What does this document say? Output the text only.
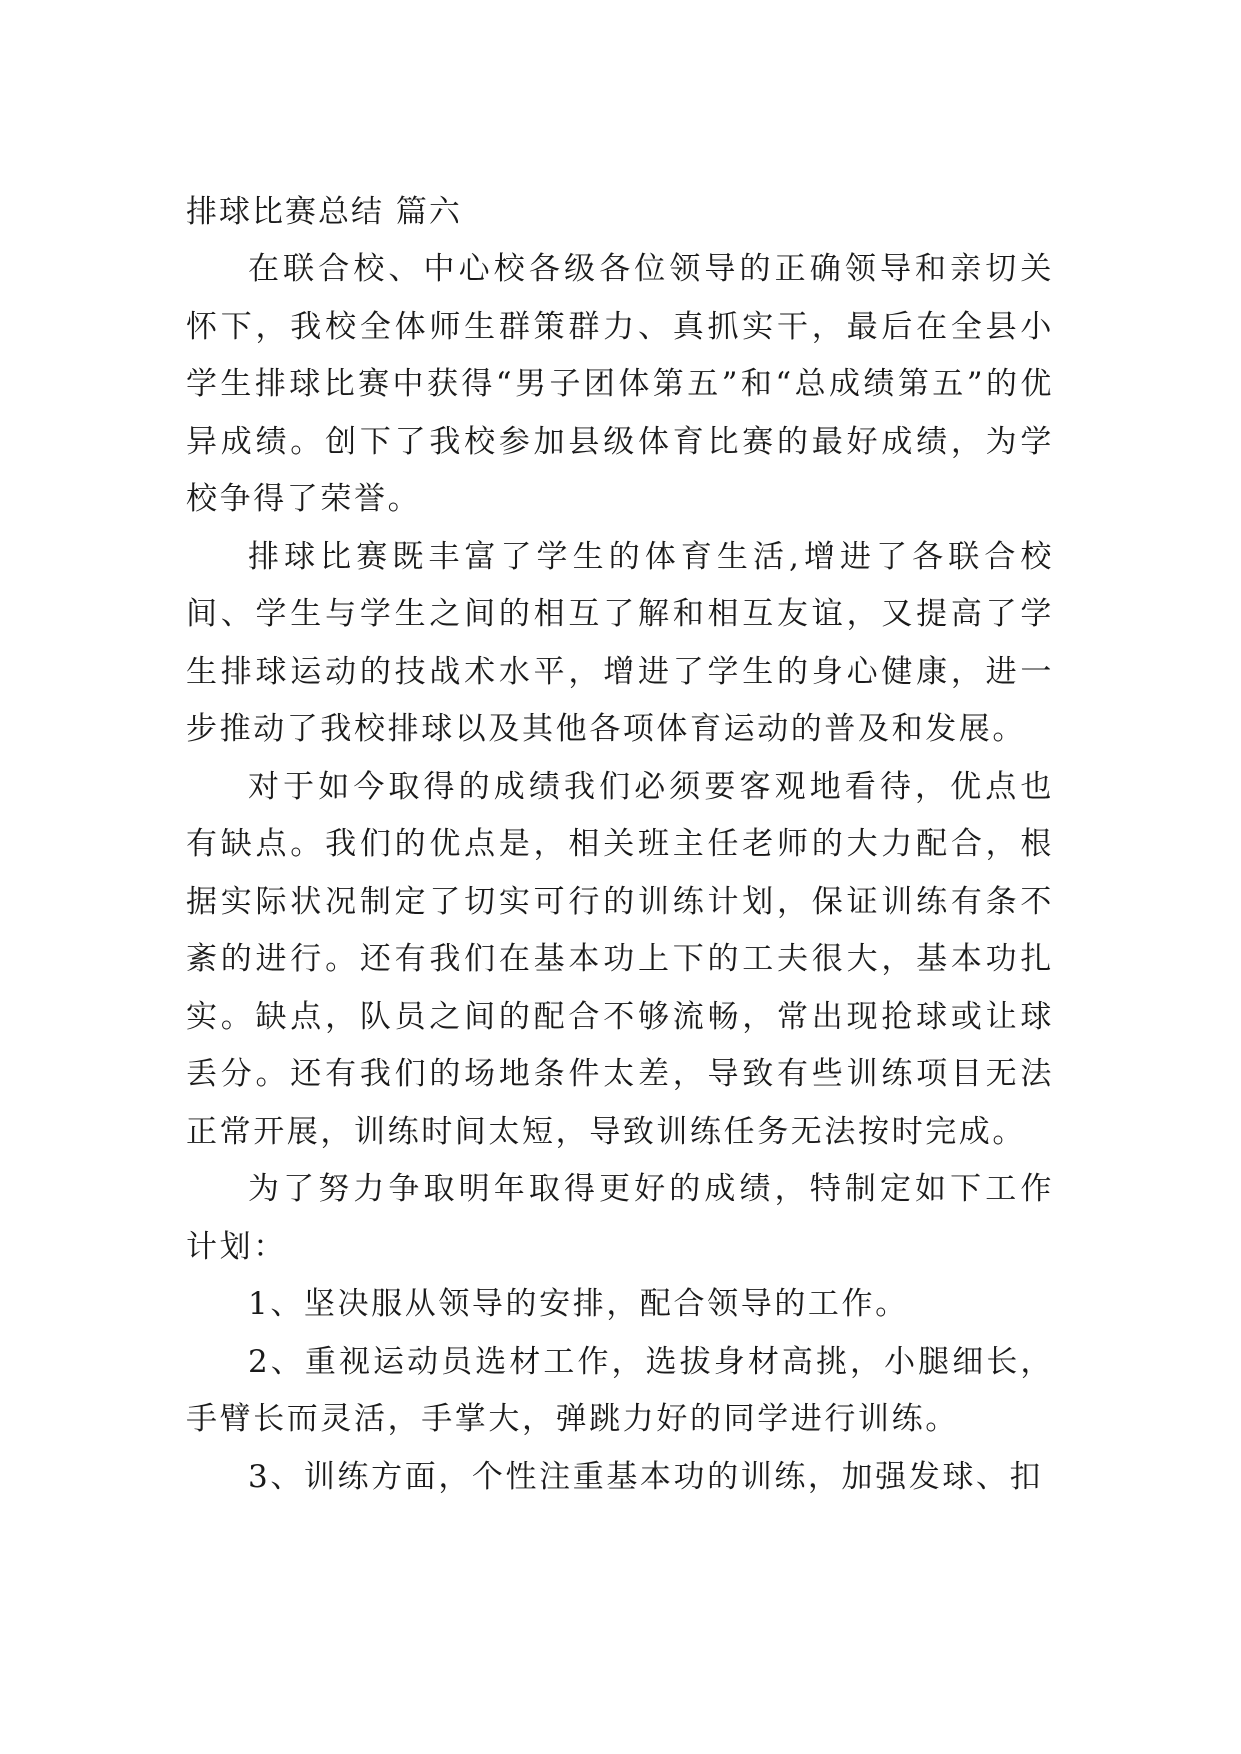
排球比赛总结 篇六

在联合校、中心校各级各位领导的正确领导和亲切关怀下，我校全体师生群策群力、真抓实干，最后在全县小学生排球比赛中获得“男子团体第五”和“总成绩第五”的优异成绩。创下了我校参加县级体育比赛的最好成绩，为学校争得了荣誉。

排球比赛既丰富了学生的体育生活,增进了各联合校间、学生与学生之间的相互了解和相互友谊，又提高了学生排球运动的技战术水平，增进了学生的身心健康，进一步推动了我校排球以及其他各项体育运动的普及和发展。

对于如今取得的成绩我们必须要客观地看待，优点也有缺点。我们的优点是，相关班主任老师的大力配合，根据实际状况制定了切实可行的训练计划，保证训练有条不紊的进行。还有我们在基本功上下的工夫很大，基本功扎实。缺点，队员之间的配合不够流畅，常出现抢球或让球丢分。还有我们的场地条件太差，导致有些训练项目无法正常开展，训练时间太短，导致训练任务无法按时完成。

为了努力争取明年取得更好的成绩，特制定如下工作计划：

1、坚决服从领导的安排，配合领导的工作。

2、重视运动员选材工作，选拔身材高挑，小腿细长，手臂长而灵活，手掌大，弹跳力好的同学进行训练。

3、训练方面，个性注重基本功的训练，加强发球、扣
